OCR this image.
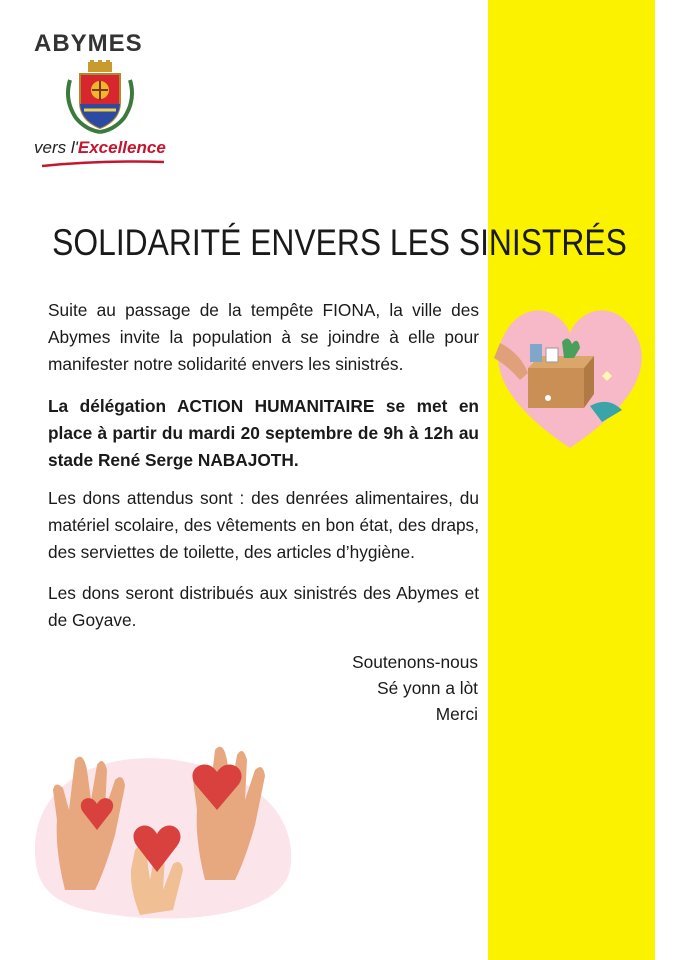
ABYMES
vers l'Excellence
SOLIDARITÉ ENVERS LES SINISTRÉS
Suite au passage de la tempête FIONA, la ville des Abymes invite la population à se joindre à elle pour manifester notre solidarité envers les sinistrés.
La délégation ACTION HUMANITAIRE se met en place à partir du mardi 20 septembre de 9h à 12h au stade René Serge NABAJOTH.
Les dons attendus sont : des denrées alimentaires, du matériel scolaire, des vêtements en bon état, des draps, des serviettes de toilette, des articles d’hygiène.
Les dons seront distribués aux sinistrés des Abymes et de Goyave.
Soutenons-nous
Sé yonn a lòt
Merci
